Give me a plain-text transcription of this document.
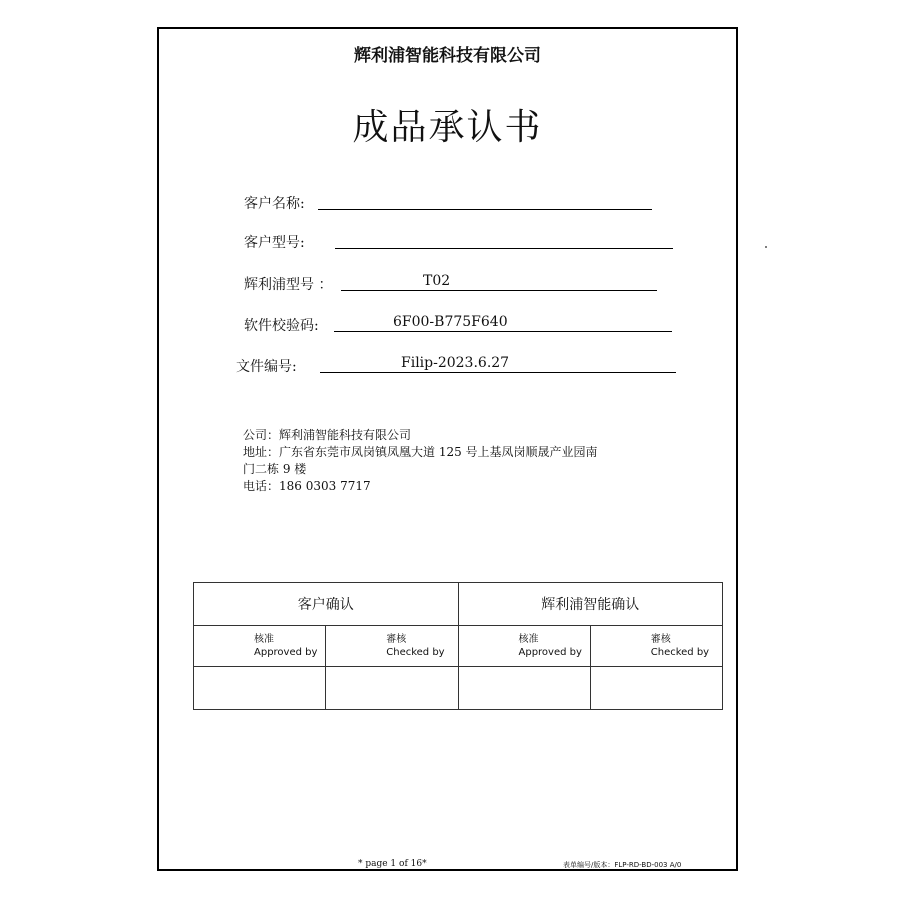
辉利浦智能科技有限公司
成品承认书
客户名称:
客户型号:
辉利浦型号 ：	T02
软件校验码:	6F00-B775F640
文件编号:	Filip-2023.6.27
公司：辉利浦智能科技有限公司
地址：广东省东莞市凤岗镇凤凰大道 125 号上基凤岗顺晟产业园南
门二栋 9 楼
电话：186 0303 7717
客户确认		辉利浦智能确认	

核准 Approved by	審核 Checked by	核准 Approved by	審核 Checked by

* page 1 of 16*	表单编号/版本：FLP-RD-BD-003 A/0
